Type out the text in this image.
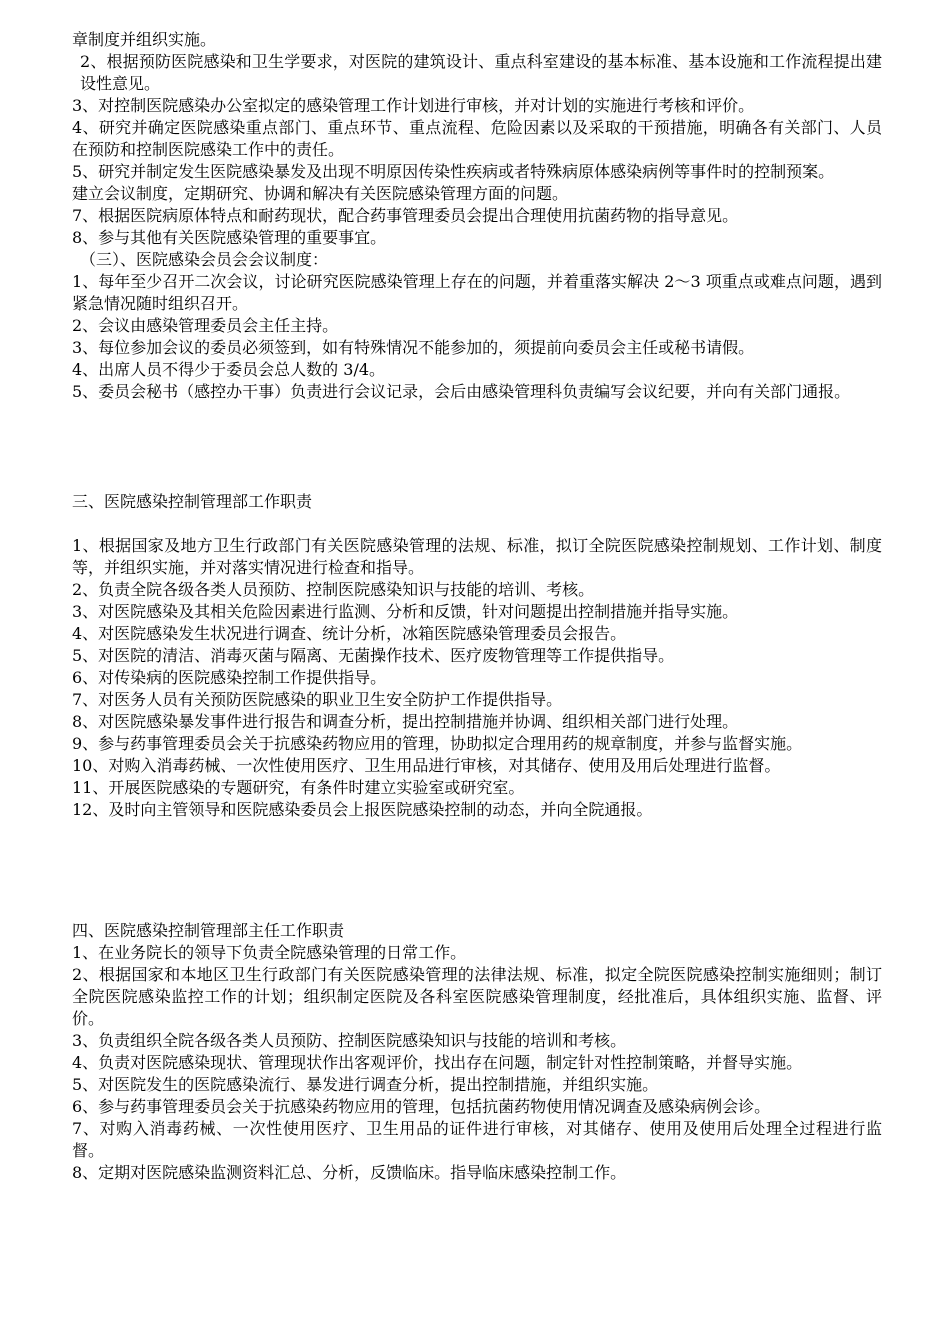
章制度并组织实施。

2、根据预防医院感染和卫生学要求，对医院的建筑设计、重点科室建设的基本标准、基本设施和工作流程提出建设性意见。

3、对控制医院感染办公室拟定的感染管理工作计划进行审核，并对计划的实施进行考核和评价。

4、研究并确定医院感染重点部门、重点环节、重点流程、危险因素以及采取的干预措施，明确各有关部门、人员在预防和控制医院感染工作中的责任。

5、研究并制定发生医院感染暴发及出现不明原因传染性疾病或者特殊病原体感染病例等事件时的控制预案。

建立会议制度，定期研究、协调和解决有关医院感染管理方面的问题。

7、根据医院病原体特点和耐药现状，配合药事管理委员会提出合理使用抗菌药物的指导意见。

8、参与其他有关医院感染管理的重要事宜。

（三）、医院感染会员会会议制度：

1、每年至少召开二次会议，讨论研究医院感染管理上存在的问题，并着重落实解决 2～3 项重点或难点问题，遇到紧急情况随时组织召开。

2、会议由感染管理委员会主任主持。

3、每位参加会议的委员必须签到，如有特殊情况不能参加的，须提前向委员会主任或秘书请假。

4、出席人员不得少于委员会总人数的 3/4。

5、委员会秘书（感控办干事）负责进行会议记录，会后由感染管理科负责编写会议纪要，并向有关部门通报。

三、医院感染控制管理部工作职责

1、根据国家及地方卫生行政部门有关医院感染管理的法规、标准，拟订全院医院感染控制规划、工作计划、制度等，并组织实施，并对落实情况进行检查和指导。

2、负责全院各级各类人员预防、控制医院感染知识与技能的培训、考核。

3、对医院感染及其相关危险因素进行监测、分析和反馈，针对问题提出控制措施并指导实施。

4、对医院感染发生状况进行调查、统计分析，冰箱医院感染管理委员会报告。

5、对医院的清洁、消毒灭菌与隔离、无菌操作技术、医疗废物管理等工作提供指导。

6、对传染病的医院感染控制工作提供指导。

7、对医务人员有关预防医院感染的职业卫生安全防护工作提供指导。

8、对医院感染暴发事件进行报告和调查分析，提出控制措施并协调、组织相关部门进行处理。

9、参与药事管理委员会关于抗感染药物应用的管理，协助拟定合理用药的规章制度，并参与监督实施。

10、对购入消毒药械、一次性使用医疗、卫生用品进行审核，对其储存、使用及用后处理进行监督。

11、开展医院感染的专题研究，有条件时建立实验室或研究室。

12、及时向主管领导和医院感染委员会上报医院感染控制的动态，并向全院通报。

四、医院感染控制管理部主任工作职责

1、在业务院长的领导下负责全院感染管理的日常工作。

2、根据国家和本地区卫生行政部门有关医院感染管理的法律法规、标准，拟定全院医院感染控制实施细则；制订全院医院感染监控工作的计划；组织制定医院及各科室医院感染管理制度，经批准后，具体组织实施、监督、评价。

3、负责组织全院各级各类人员预防、控制医院感染知识与技能的培训和考核。

4、负责对医院感染现状、管理现状作出客观评价，找出存在问题，制定针对性控制策略，并督导实施。

5、对医院发生的医院感染流行、暴发进行调查分析，提出控制措施，并组织实施。

6、参与药事管理委员会关于抗感染药物应用的管理，包括抗菌药物使用情况调查及感染病例会诊。

7、对购入消毒药械、一次性使用医疗、卫生用品的证件进行审核，对其储存、使用及使用后处理全过程进行监督。

8、定期对医院感染监测资料汇总、分析，反馈临床。指导临床感染控制工作。
